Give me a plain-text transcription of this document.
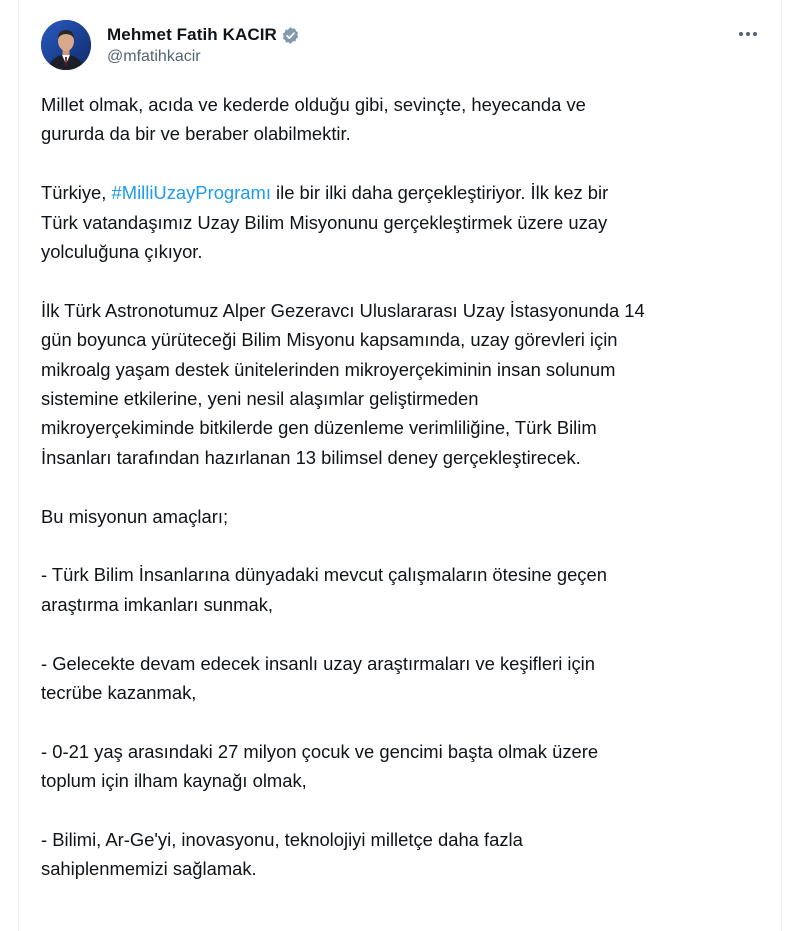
Mehmet Fatih KACIR
@mfatihkacir

Millet olmak, acıda ve kederde olduğu gibi, sevinçte, heyecanda ve
gururda da bir ve beraber olabilmektir.

Türkiye, #MilliUzayProgramı ile bir ilki daha gerçekleştiriyor. İlk kez bir
Türk vatandaşımız Uzay Bilim Misyonunu gerçekleştirmek üzere uzay
yolculuğuna çıkıyor.

İlk Türk Astronotumuz Alper Gezeravcı Uluslararası Uzay İstasyonunda 14
gün boyunca yürüteceği Bilim Misyonu kapsamında, uzay görevleri için
mikroalg yaşam destek ünitelerinden mikroyerçekiminin insan solunum
sistemine etkilerine, yeni nesil alaşımlar geliştirmeden
mikroyerçekiminde bitkilerde gen düzenleme verimliliğine, Türk Bilim
İnsanları tarafından hazırlanan 13 bilimsel deney gerçekleştirecek.

Bu misyonun amaçları;

- Türk Bilim İnsanlarına dünyadaki mevcut çalışmaların ötesine geçen
araştırma imkanları sunmak,

- Gelecekte devam edecek insanlı uzay araştırmaları ve keşifleri için
tecrübe kazanmak,

- 0-21 yaş arasındaki 27 milyon çocuk ve gencimi başta olmak üzere
toplum için ilham kaynağı olmak,

- Bilimi, Ar-Ge'yi, inovasyonu, teknolojiyi milletçe daha fazla
sahiplenmemizi sağlamak.
